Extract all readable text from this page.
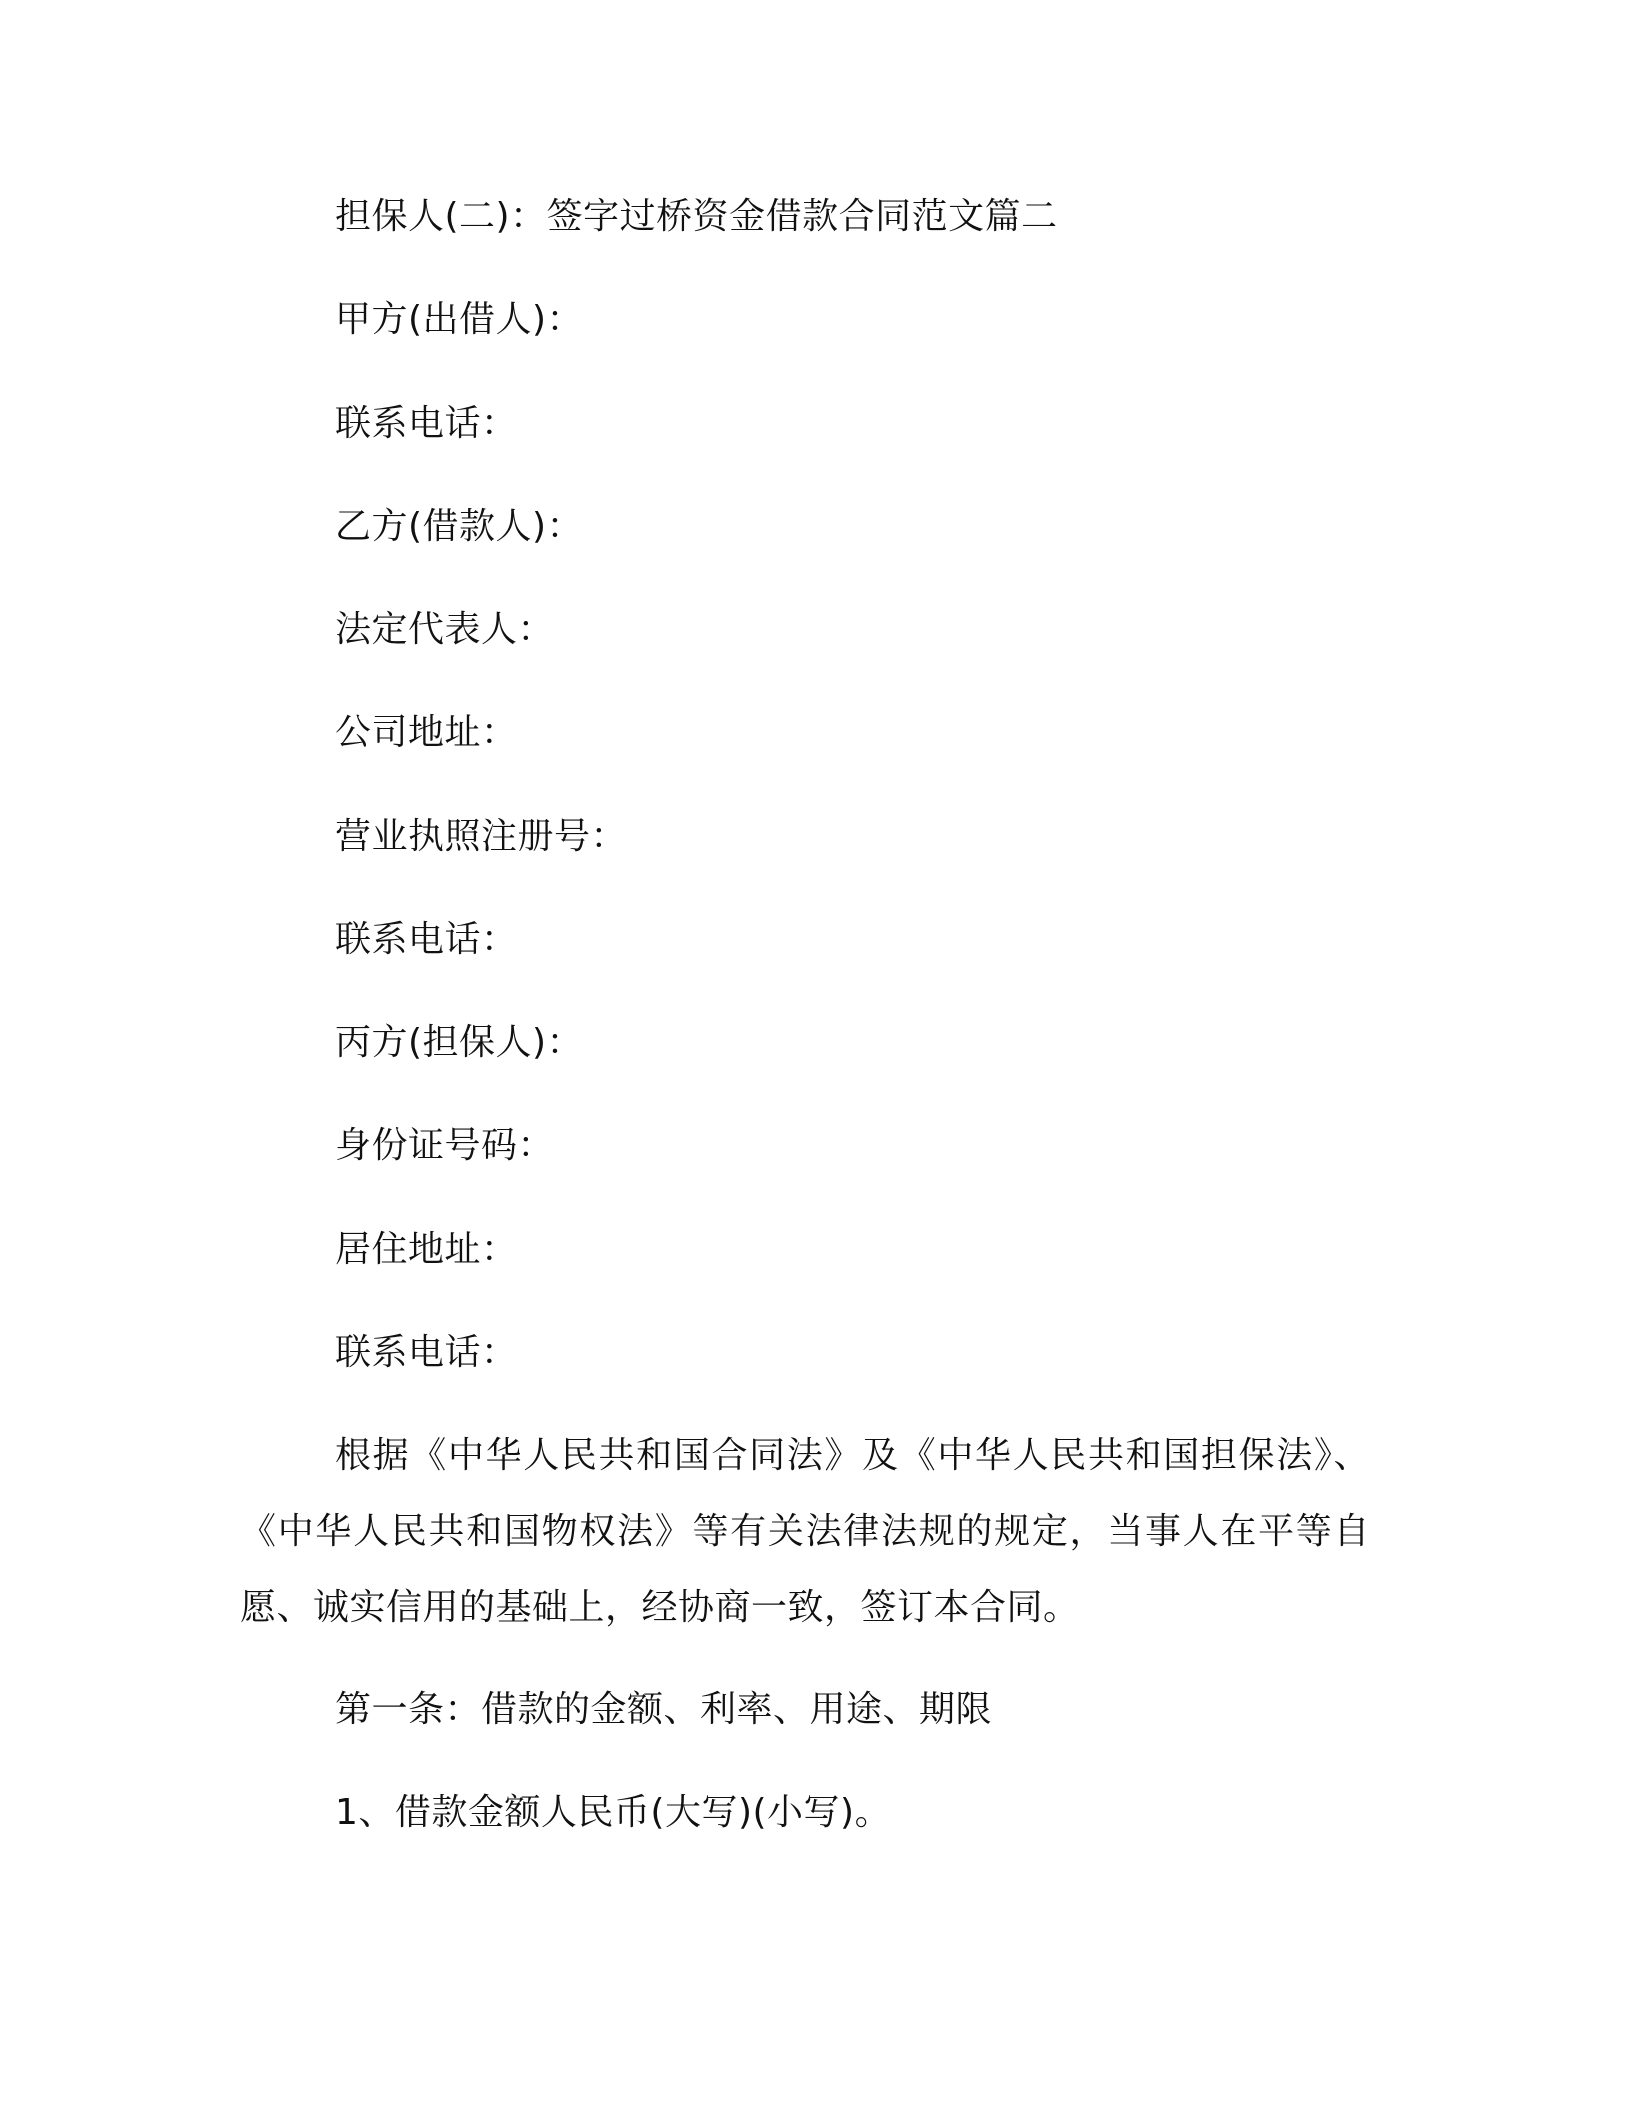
担保人(二)：签字过桥资金借款合同范文篇二
甲方(出借人)：
联系电话：
乙方(借款人)：
法定代表人：
公司地址：
营业执照注册号：
联系电话：
丙方(担保人)：
身份证号码：
居住地址：
联系电话：
根据《中华人民共和国合同法》及《中华人民共和国担保法》、《中华人民共和国物权法》等有关法律法规的规定，当事人在平等自愿、诚实信用的基础上，经协商一致，签订本合同。
第一条：借款的金额、利率、用途、期限
1、借款金额人民币(大写)(小写)。
